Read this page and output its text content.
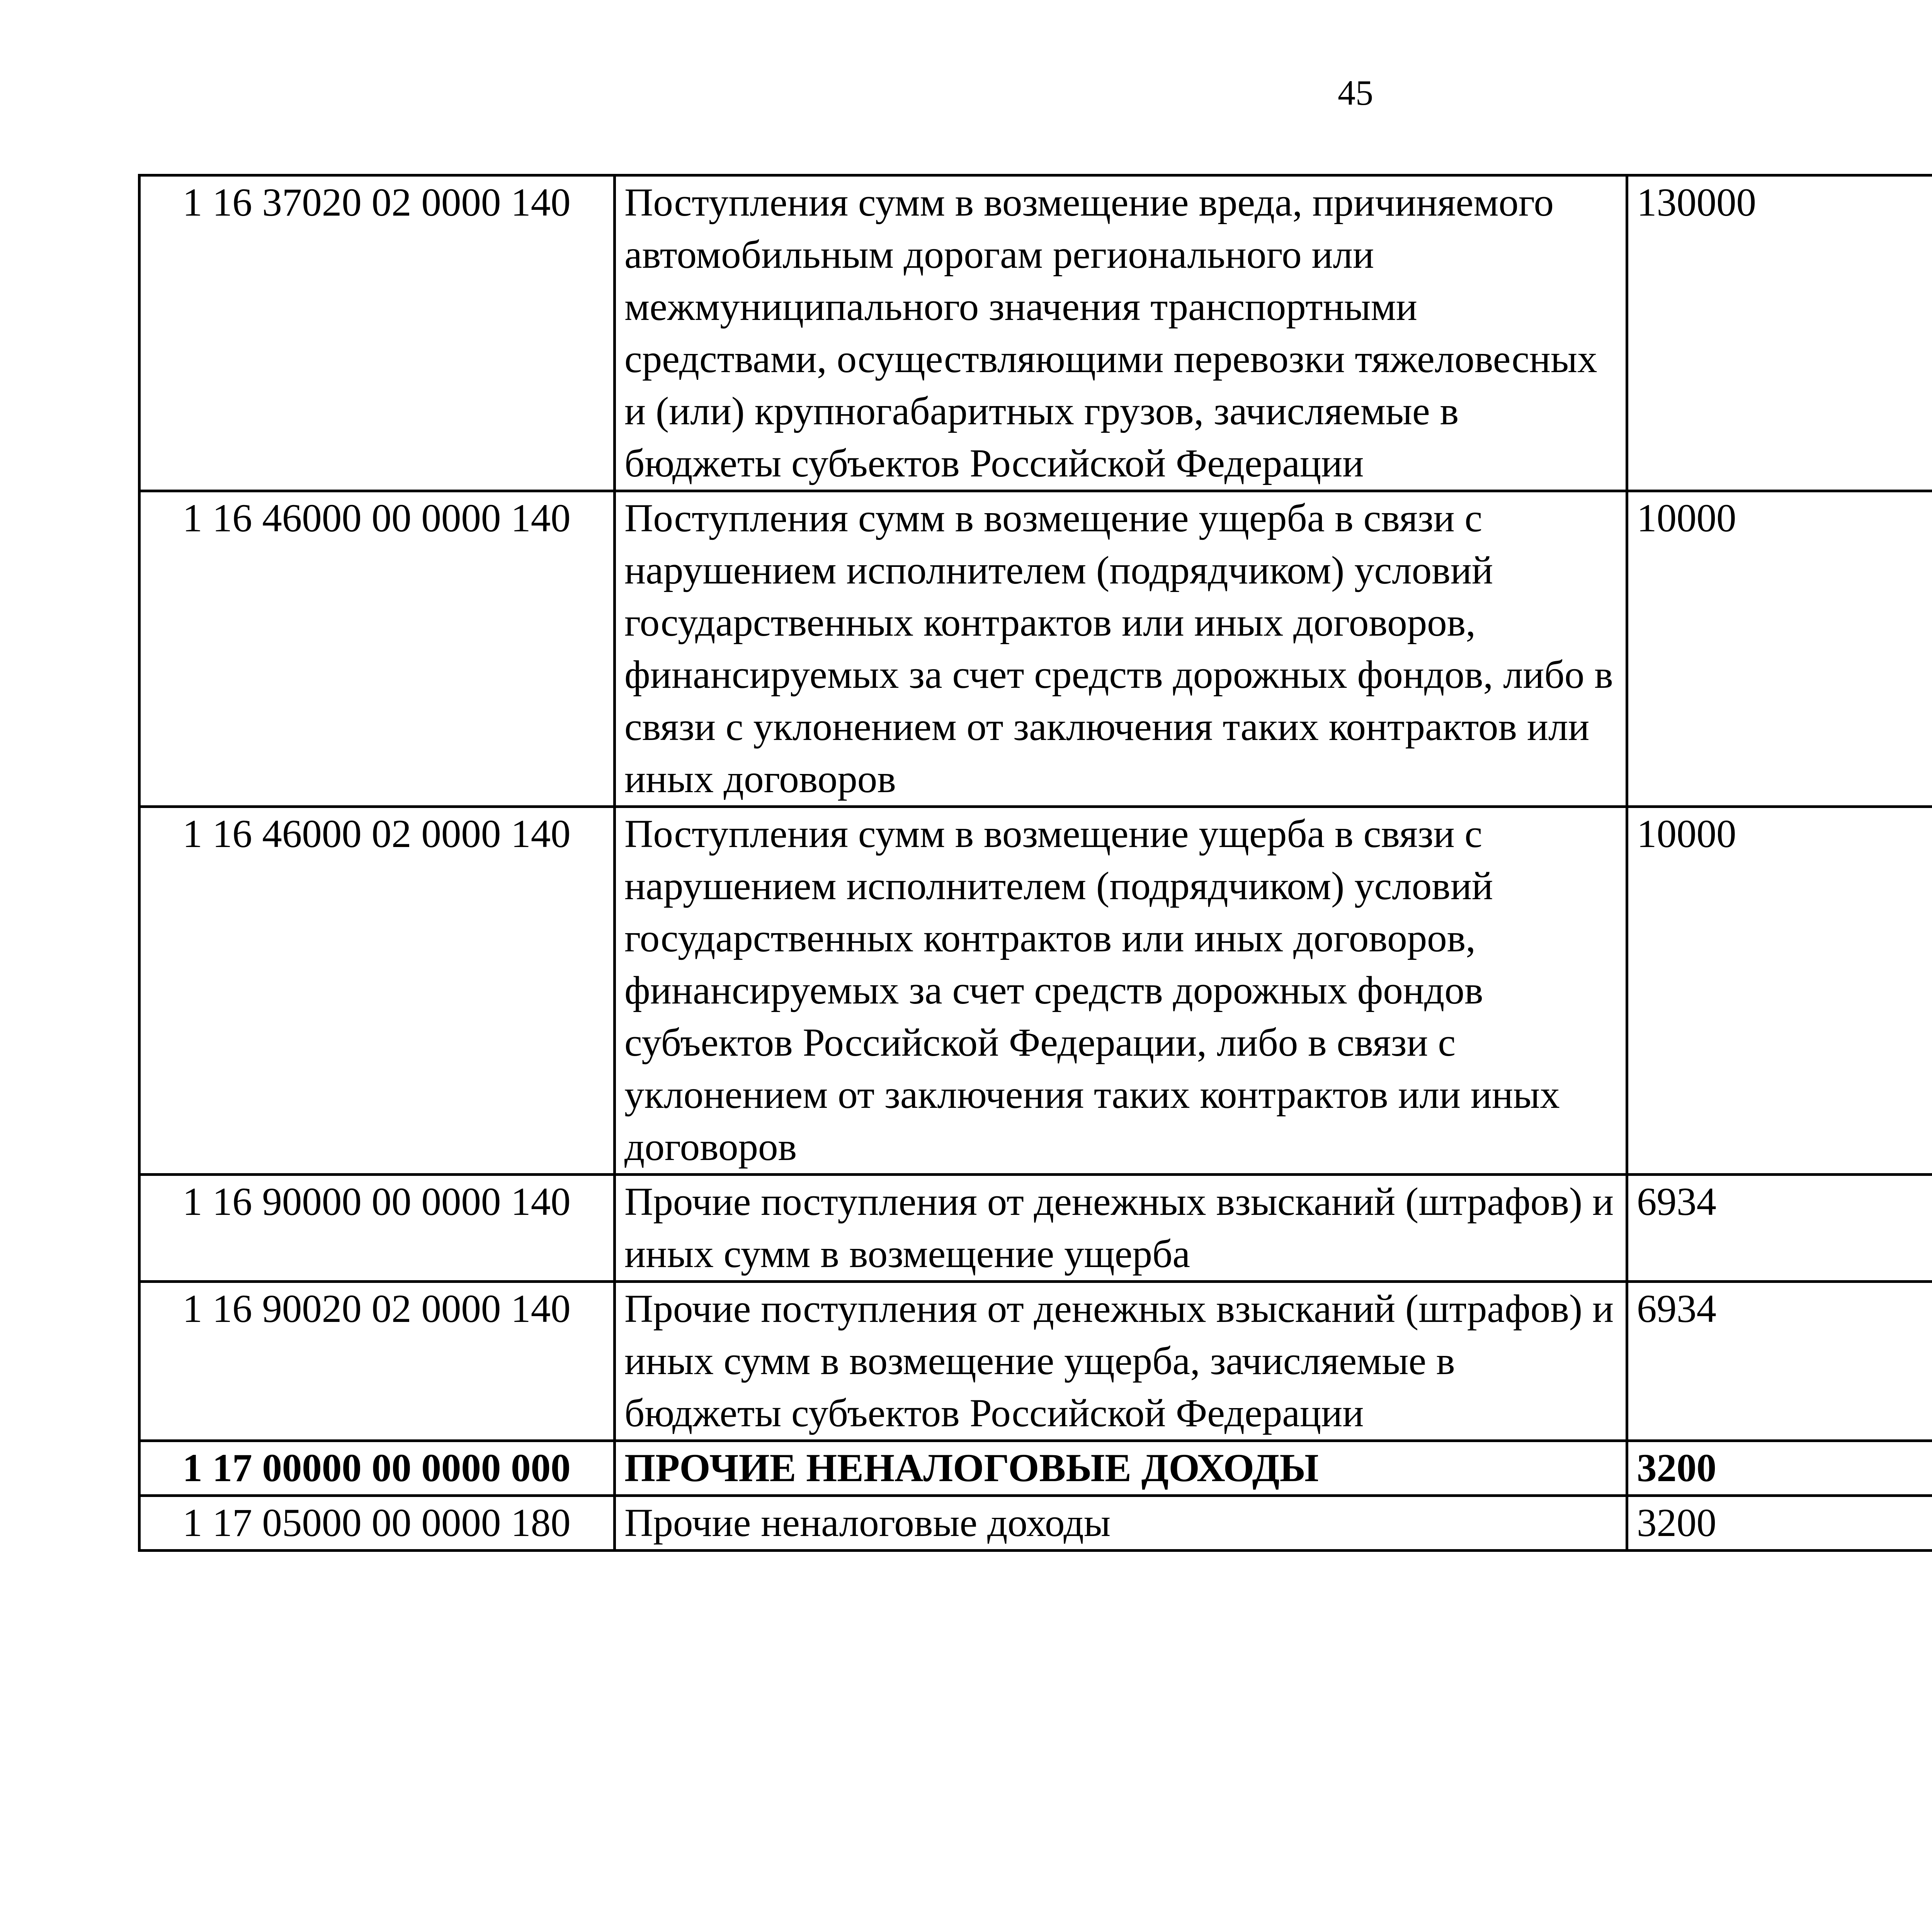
45
1 16 37020 02 0000 140	Поступления сумм в возмещение вреда, причиняемого автомобильным дорогам регионального или межмуниципального значения транспортными средствами, осуществляющими перевозки тяжеловесных и (или) крупногабаритных грузов, зачисляемые в бюджеты субъектов Российской Федерации	130000		
1 16 46000 00 0000 140	Поступления сумм в возмещение ущерба в связи с нарушением исполнителем (подрядчиком) условий государственных контрактов или иных договоров, финансируемых за счет средств дорожных фондов, либо в связи с уклонением от заключения таких контрактов или иных договоров	10000		
1 16 46000 02 0000 140	Поступления сумм в возмещение ущерба в связи с нарушением исполнителем (подрядчиком) условий государственных контрактов или иных договоров, финансируемых за счет средств дорожных фондов субъектов Российской Федерации, либо в связи с уклонением от заключения таких контрактов или иных договоров	10000		
1 16 90000 00 0000 140	Прочие поступления от денежных взысканий (штрафов) и иных сумм в возмещение ущерба	6934		
1 16 90020 02 0000 140	Прочие поступления от денежных взысканий (штрафов) и иных сумм в возмещение ущерба, зачисляемые в бюджеты субъектов Российской Федерации	6934		
1 17 00000 00 0000 000	ПРОЧИЕ НЕНАЛОГОВЫЕ ДОХОДЫ	3200		
1 17 05000 00 0000 180	Прочие неналоговые доходы	3200		
